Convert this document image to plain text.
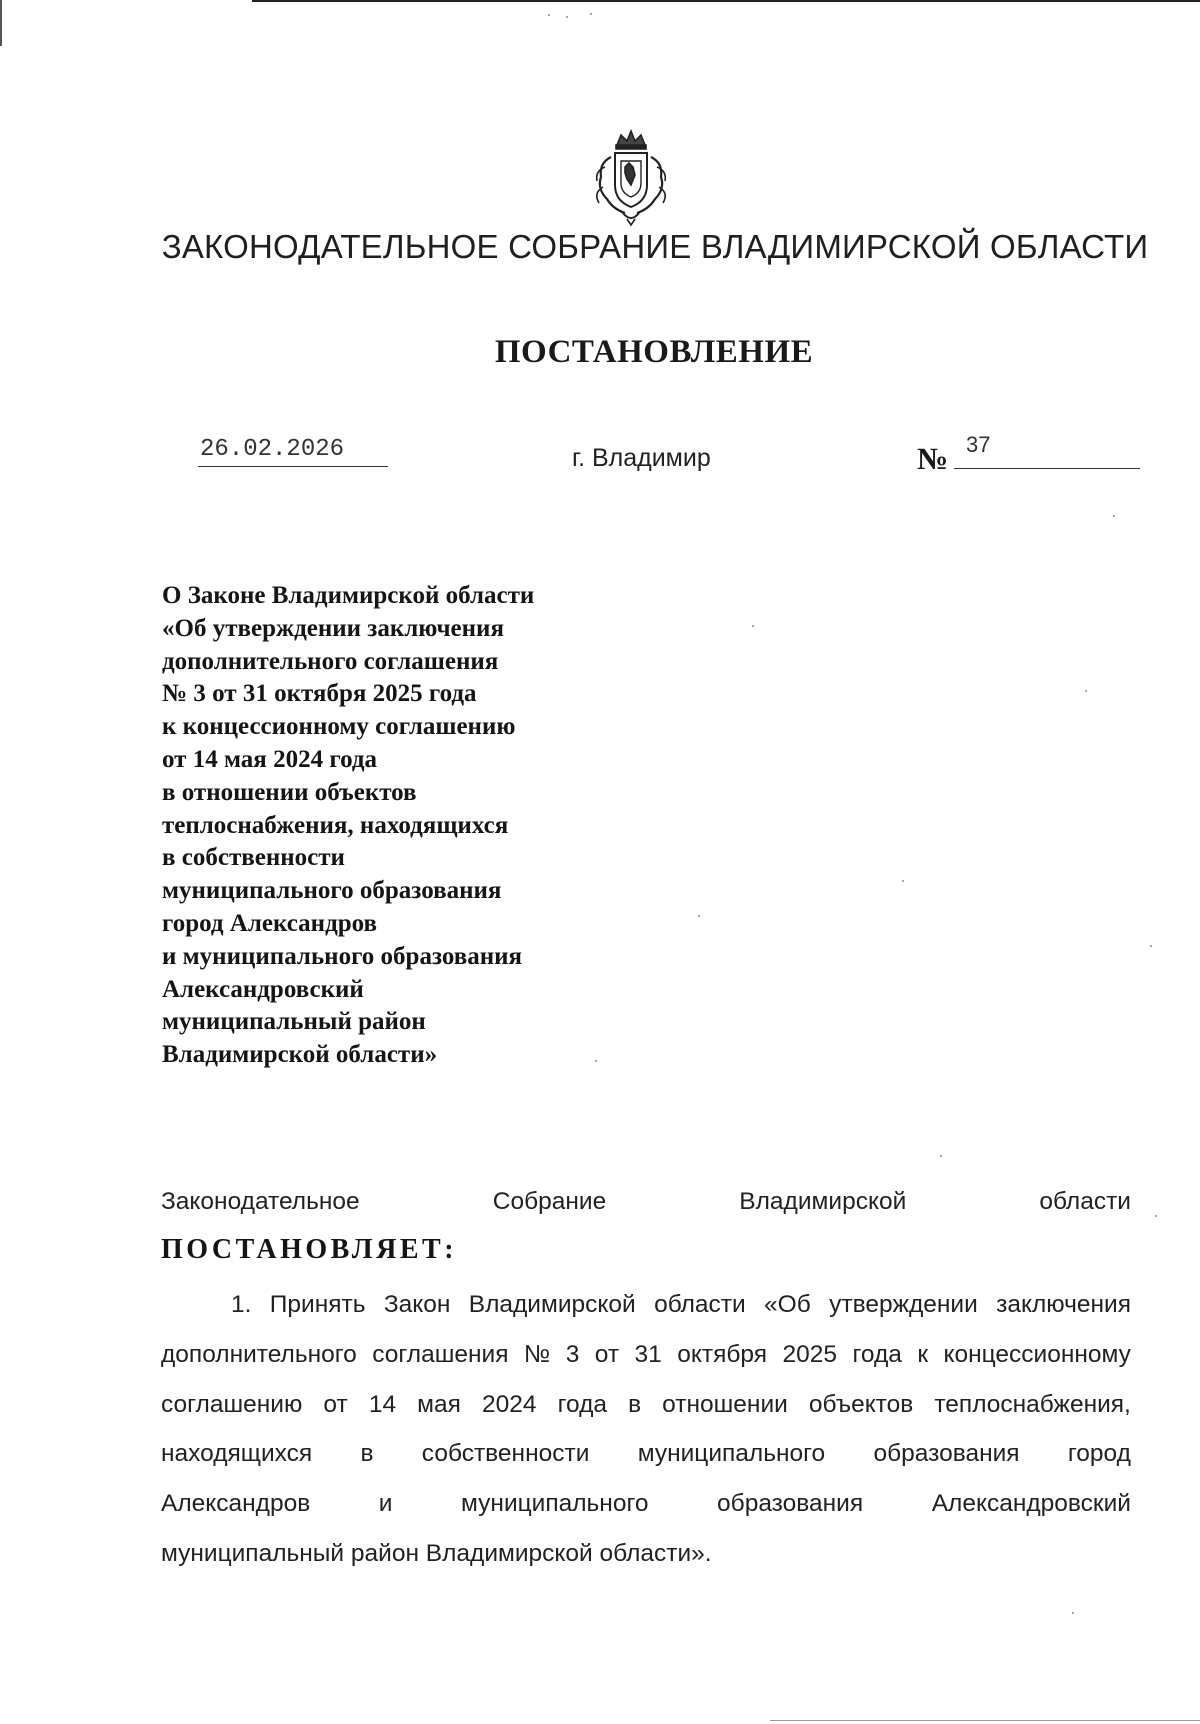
ЗАКОНОДАТЕЛЬНОЕ СОБРАНИЕ ВЛАДИМИРСКОЙ ОБЛАСТИ
ПОСТАНОВЛЕНИЕ
26.02.2026	г. Владимир	№ 37
О Законе Владимирской области
«Об утверждении заключения
дополнительного соглашения
№ 3 от 31 октября 2025 года
к концессионному соглашению
от 14 мая 2024 года
в отношении объектов
теплоснабжения, находящихся
в собственности
муниципального образования
город Александров
и муниципального образования
Александровский
муниципальный район
Владимирской области»
Законодательное	Собрание	Владимирской	области
ПОСТАНОВЛЯЕТ:
1. Принять Закон Владимирской области «Об утверждении заключения
дополнительного соглашения № 3 от 31 октября 2025 года к концессионному
соглашению от 14 мая 2024 года в отношении объектов теплоснабжения,
находящихся в собственности муниципального образования город
Александров	и	муниципального	образования	Александровский
муниципальный район Владимирской области».
